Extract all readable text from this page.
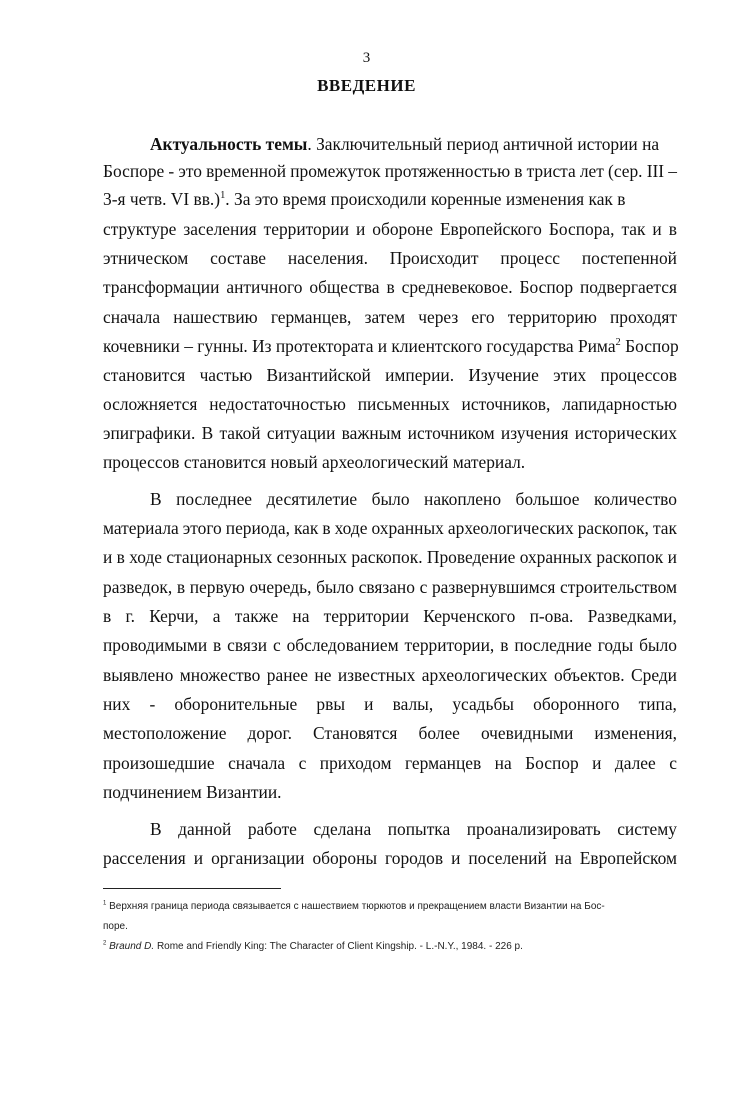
3
ВВЕДЕНИЕ
Актуальность темы. Заключительный период античной истории на
Боспоре - это временной промежуток протяженностью в триста лет (сер. III –
3-я четв. VI вв.)$^1$. За это время происходили коренные изменения как в
структуре заселения территории и обороне Европейского Боспора, так и в
этническом составе населения. Происходит процесс постепенной
трансформации античного общества в средневековое. Боспор подвергается
сначала нашествию германцев, затем через его территорию проходят
кочевники – гунны. Из протектората и клиентского государства Рима$^2$ Боспор
становится частью Византийской империи. Изучение этих процессов
осложняется недостаточностью письменных источников, лапидарностью
эпиграфики. В такой ситуации важным источником изучения исторических
процессов становится новый археологический материал.
В последнее десятилетие было накоплено большое количество
материала этого периода, как в ходе охранных археологических раскопок, так
и в ходе стационарных сезонных раскопок. Проведение охранных раскопок и
разведок, в первую очередь, было связано с развернувшимся строительством
в г. Керчи, а также на территории Керченского п-ова. Разведками,
проводимыми в связи с обследованием территории, в последние годы было
выявлено множество ранее не известных археологических объектов. Среди
них - оборонительные рвы и валы, усадьбы оборонного типа,
местоположение дорог. Становятся более очевидными изменения,
произошедшие сначала с приходом германцев на Боспор и далее с
подчинением Византии.
В данной работе сделана попытка проанализировать систему
расселения и организации обороны городов и поселений на Европейском
$^1$ Верхняя граница периода связывается с нашествием тюркютов и прекращением власти Византии на Бос-
поре.
$^2$ Braund D. Rome and Friendly King: The Character of Client Kingship. - L.-N.Y., 1984. - 226 p.
